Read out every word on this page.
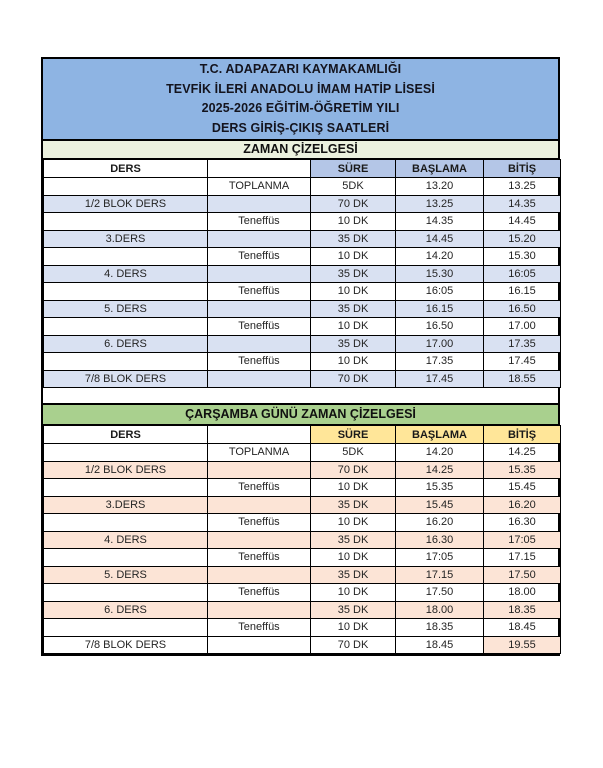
T.C. ADAPAZARI KAYMAKAMLIĞI
TEVFİK İLERİ ANADOLU İMAM HATİP LİSESİ
2025-2026 EĞİTİM-ÖĞRETİM YILI
DERS GİRİŞ-ÇIKIŞ SAATLERİ
ZAMAN ÇİZELGESİ
DERS		SÜRE	BAŞLAMA	BİTİŞ
	TOPLANMA	5DK	13.20	13.25
1/2 BLOK DERS		70 DK	13.25	14.35
	Teneffüs	10 DK	14.35	14.45
3.DERS		35 DK	14.45	15.20
	Teneffüs	10 DK	14.20	15.30
4. DERS		35 DK	15.30	16:05
	Teneffüs	10 DK	16:05	16.15
5. DERS		35 DK	16.15	16.50
	Teneffüs	10 DK	16.50	17.00
6. DERS		35 DK	17.00	17.35
	Teneffüs	10 DK	17.35	17.45
7/8 BLOK DERS		70 DK	17.45	18.55
ÇARŞAMBA GÜNÜ ZAMAN ÇİZELGESİ
DERS		SÜRE	BAŞLAMA	BİTİŞ
	TOPLANMA	5DK	14.20	14.25
1/2 BLOK DERS		70 DK	14.25	15.35
	Teneffüs	10 DK	15.35	15.45
3.DERS		35 DK	15.45	16.20
	Teneffüs	10 DK	16.20	16.30
4. DERS		35 DK	16.30	17:05
	Teneffüs	10 DK	17:05	17.15
5. DERS		35 DK	17.15	17.50
	Teneffüs	10 DK	17.50	18.00
6. DERS		35 DK	18.00	18.35
	Teneffüs	10 DK	18.35	18.45
7/8 BLOK DERS		70 DK	18.45	19.55
